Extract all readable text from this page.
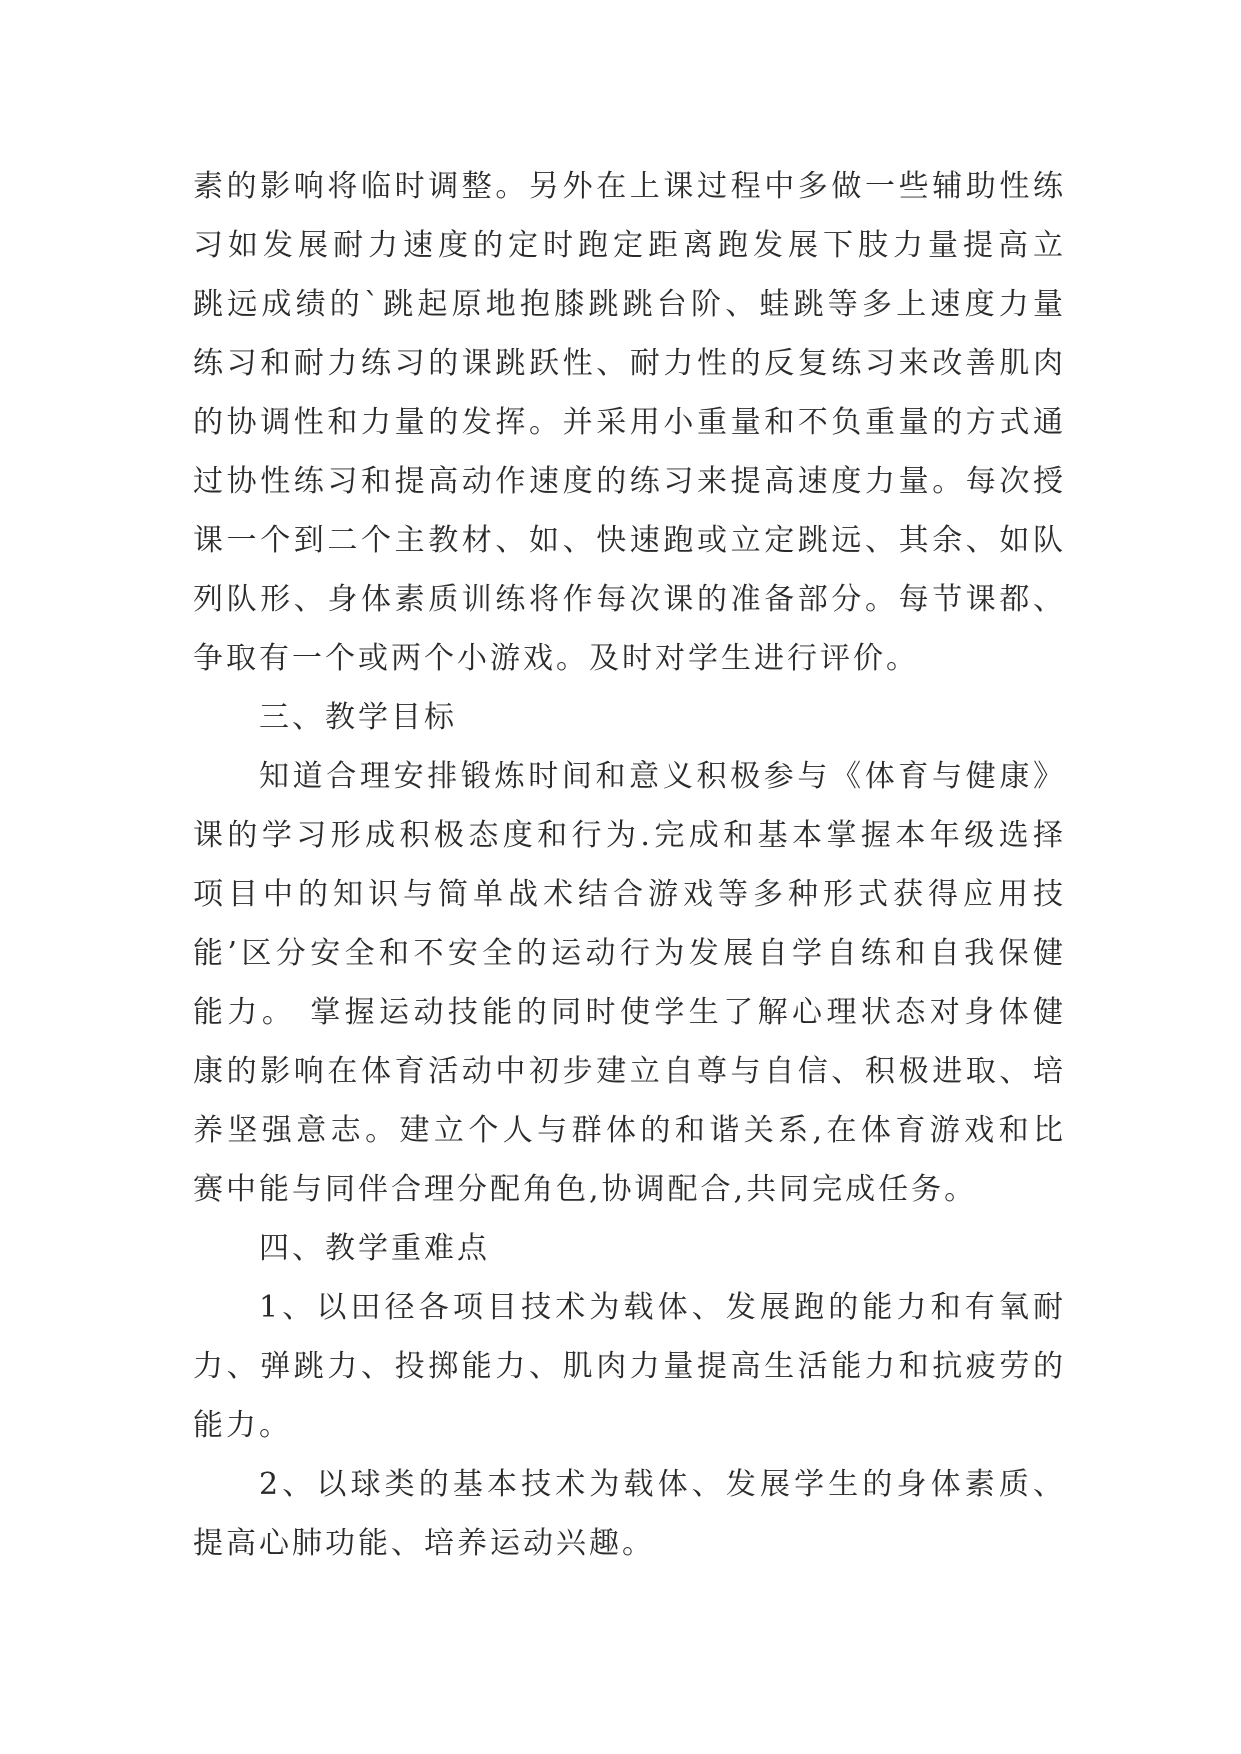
素的影响将临时调整。另外在上课过程中多做一些辅助性练
习如发展耐力速度的定时跑定距离跑发展下肢力量提高立
跳远成绩的`跳起原地抱膝跳跳台阶、蛙跳等多上速度力量
练习和耐力练习的课跳跃性、耐力性的反复练习来改善肌肉
的协调性和力量的发挥。并采用小重量和不负重量的方式通
过协性练习和提高动作速度的练习来提高速度力量。每次授
课一个到二个主教材、如、快速跑或立定跳远、其余、如队
列队形、身体素质训练将作每次课的准备部分。每节课都、
争取有一个或两个小游戏。及时对学生进行评价。
三、教学目标
知道合理安排锻炼时间和意义积极参与《体育与健康》
课的学习形成积极态度和行为.完成和基本掌握本年级选择
项目中的知识与简单战术结合游戏等多种形式获得应用技
能’区分安全和不安全的运动行为发展自学自练和自我保健
能力。 掌握运动技能的同时使学生了解心理状态对身体健
康的影响在体育活动中初步建立自尊与自信、积极进取、培
养坚强意志。建立个人与群体的和谐关系,在体育游戏和比
赛中能与同伴合理分配角色,协调配合,共同完成任务。
四、教学重难点
1、以田径各项目技术为载体、发展跑的能力和有氧耐
力、弹跳力、投掷能力、肌肉力量提高生活能力和抗疲劳的
能力。
2、以球类的基本技术为载体、发展学生的身体素质、
提高心肺功能、培养运动兴趣。
